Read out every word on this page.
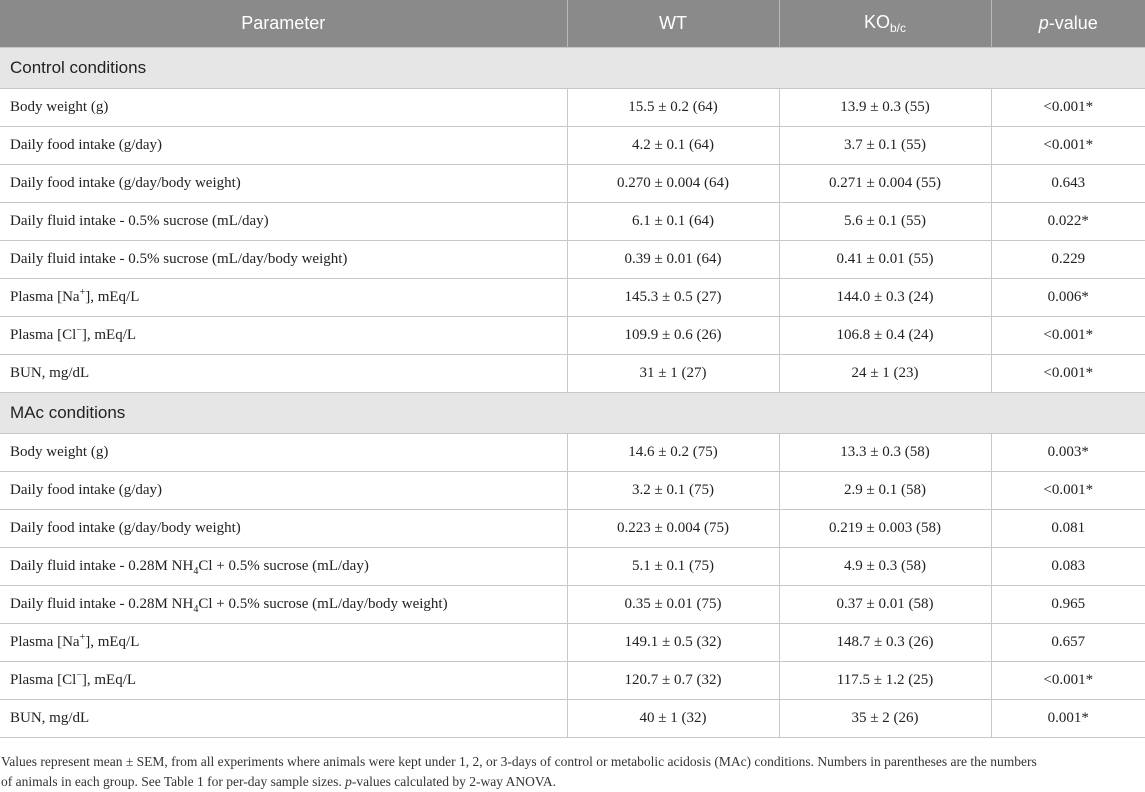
Parameter	WT	$KO_{b/c}$	p-value
Control conditions			
Body weight (g)	15.5 ± 0.2 (64)	13.9 ± 0.3 (55)	<0.001*
Daily food intake (g/day)	4.2 ± 0.1 (64)	3.7 ± 0.1 (55)	<0.001*
Daily food intake (g/day/body weight)	0.270 ± 0.004 (64)	0.271 ± 0.004 (55)	0.643
Daily fluid intake - 0.5% sucrose (mL/day)	6.1 ± 0.1 (64)	5.6 ± 0.1 (55)	0.022*
Daily fluid intake - 0.5% sucrose (mL/day/body weight)	0.39 ± 0.01 (64)	0.41 ± 0.01 (55)	0.229
Plasma [Na+], mEq/L	145.3 ± 0.5 (27)	144.0 ± 0.3 (24)	0.006*
Plasma [Cl−], mEq/L	109.9 ± 0.6 (26)	106.8 ± 0.4 (24)	<0.001*
BUN, mg/dL	31 ± 1 (27)	24 ± 1 (23)	<0.001*
MAc conditions			
Body weight (g)	14.6 ± 0.2 (75)	13.3 ± 0.3 (58)	0.003*
Daily food intake (g/day)	3.2 ± 0.1 (75)	2.9 ± 0.1 (58)	<0.001*
Daily food intake (g/day/body weight)	0.223 ± 0.004 (75)	0.219 ± 0.003 (58)	0.081
Daily fluid intake - 0.28M $NH_4Cl + 0.5\%$ sucrose (mL/day)	5.1 ± 0.1 (75)	4.9 ± 0.3 (58)	0.083
Daily fluid intake - 0.28M $NH_4Cl + 0.5\%$ sucrose (mL/day/body weight)	0.35 ± 0.01 (75)	0.37 ± 0.01 (58)	0.965
Plasma [Na+], mEq/L	149.1 ± 0.5 (32)	148.7 ± 0.3 (26)	0.657
Plasma [Cl−], mEq/L	120.7 ± 0.7 (32)	117.5 ± 1.2 (25)	<0.001*
BUN, mg/dL	40 ± 1 (32)	35 ± 2 (26)	0.001*
Values represent mean ± SEM, from all experiments where animals were kept under 1, 2, or 3-days of control or metabolic acidosis (MAc) conditions. Numbers in parentheses are the numbers
of animals in each group. See Table 1 for per-day sample sizes. p-values calculated by 2-way ANOVA.
